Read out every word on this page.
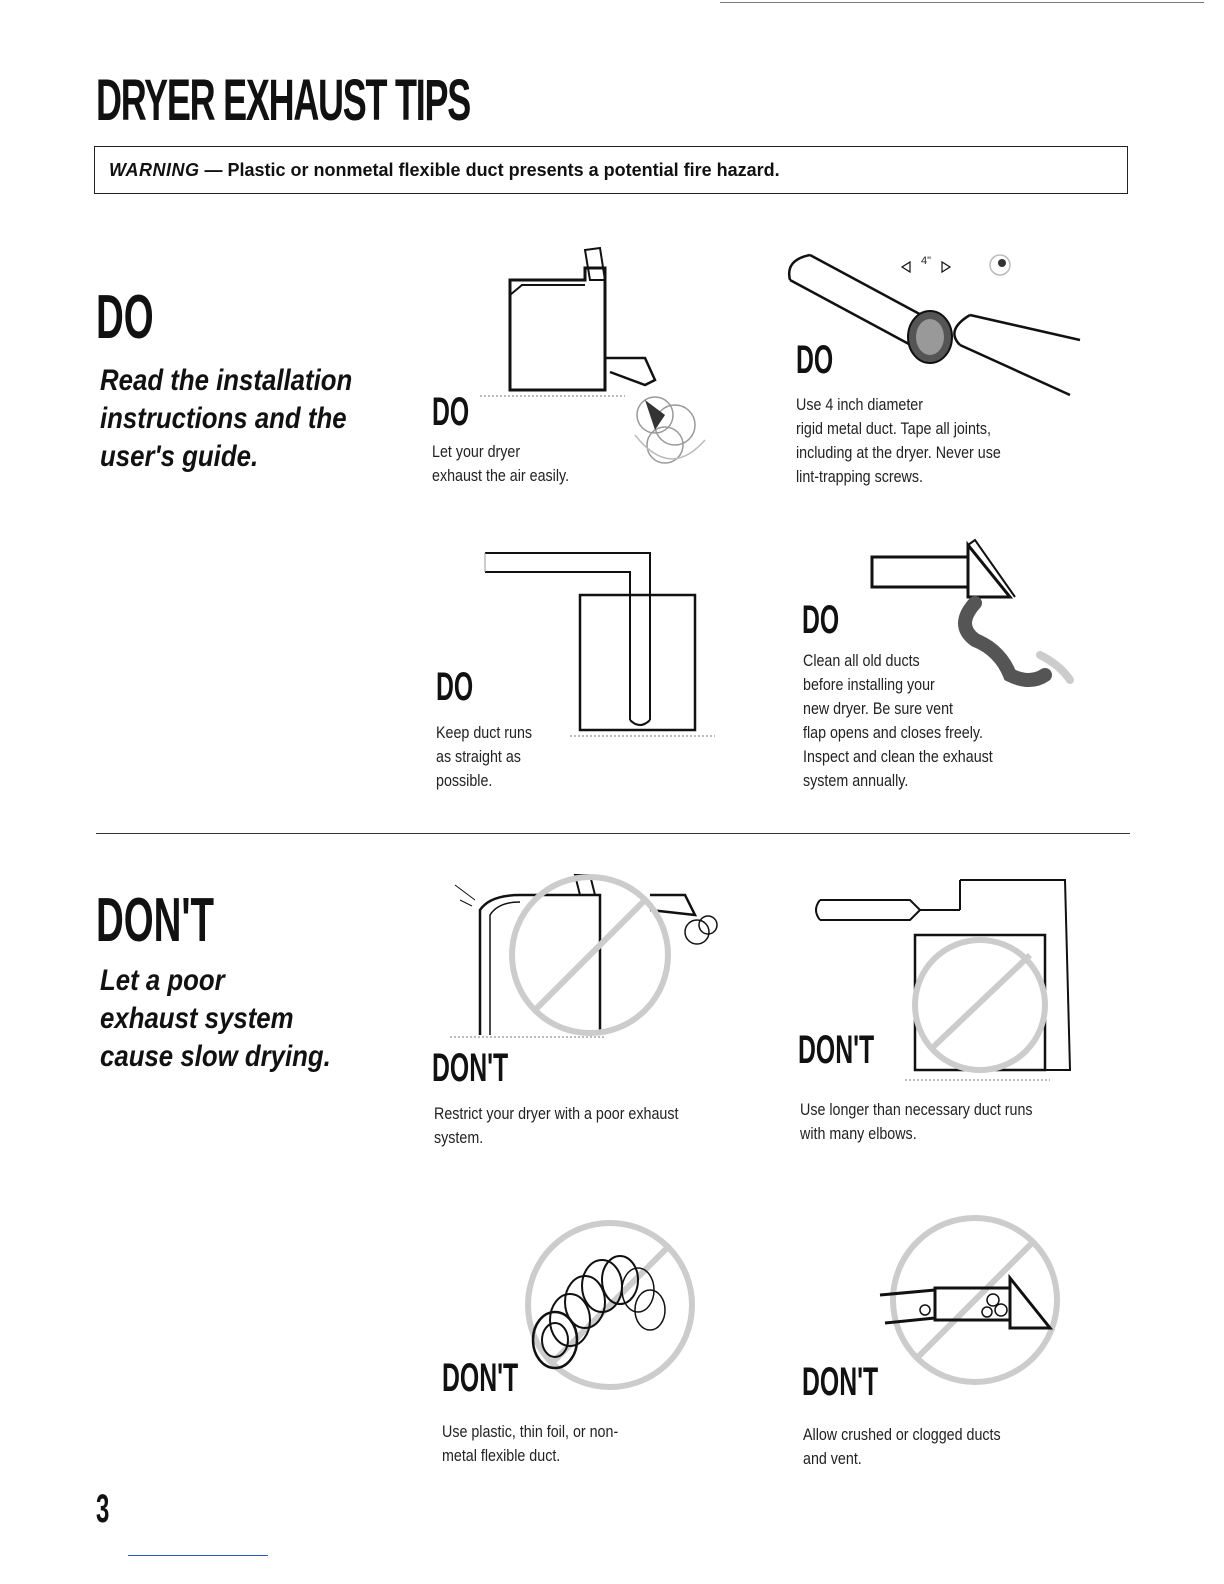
DRYER EXHAUST TIPS
WARNING — Plastic or nonmetal flexible duct presents a potential fire hazard.
DO
Read the installation
instructions and the
user's guide.
DO
Let your dryer
exhaust the air easily.
4"
DO
Use 4 inch diameter
rigid metal duct. Tape all joints,
including at the dryer. Never use
lint-trapping screws.
DO
Keep duct runs
as straight as
possible.
DO
Clean all old ducts
before installing your
new dryer. Be sure vent
flap opens and closes freely.
Inspect and clean the exhaust
system annually.
DON'T
Let a poor
exhaust system
cause slow drying.	DON'T
Restrict your dryer with a poor exhaust
system.
DON'T
Use longer than necessary duct runs
with many elbows.
DON'T
Use plastic, thin foil, or non-
metal flexible duct.
DON'T
Allow crushed or clogged ducts
and vent.
3
